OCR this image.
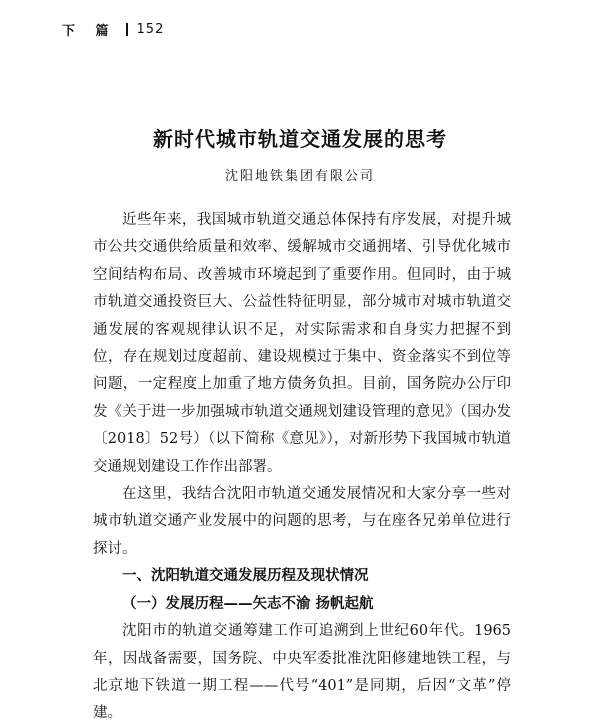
下 篇 152
新时代城市轨道交通发展的思考
沈阳地铁集团有限公司

近些年来，我国城市轨道交通总体保持有序发展，对提升城市公共交通供给质量和效率、缓解城市交通拥堵、引导优化城市空间结构布局、改善城市环境起到了重要作用。但同时，由于城市轨道交通投资巨大、公益性特征明显，部分城市对城市轨道交通发展的客观规律认识不足，对实际需求和自身实力把握不到位，存在规划过度超前、建设规模过于集中、资金落实不到位等问题，一定程度上加重了地方债务负担。目前，国务院办公厅印发《关于进一步加强城市轨道交通规划建设管理的意见》（国办发〔2018〕52号）（以下简称《意见》），对新形势下我国城市轨道交通规划建设工作作出部署。

在这里，我结合沈阳市轨道交通发展情况和大家分享一些对城市轨道交通产业发展中的问题的思考，与在座各兄弟单位进行探讨。

一、沈阳轨道交通发展历程及现状情况
（一）发展历程——矢志不渝 扬帆起航

沈阳市的轨道交通筹建工作可追溯到上世纪60年代。1965年，因战备需要，国务院、中央军委批准沈阳修建地铁工程，与北京地下铁道一期工程——代号“401”是同期，后因“文革”停建。
